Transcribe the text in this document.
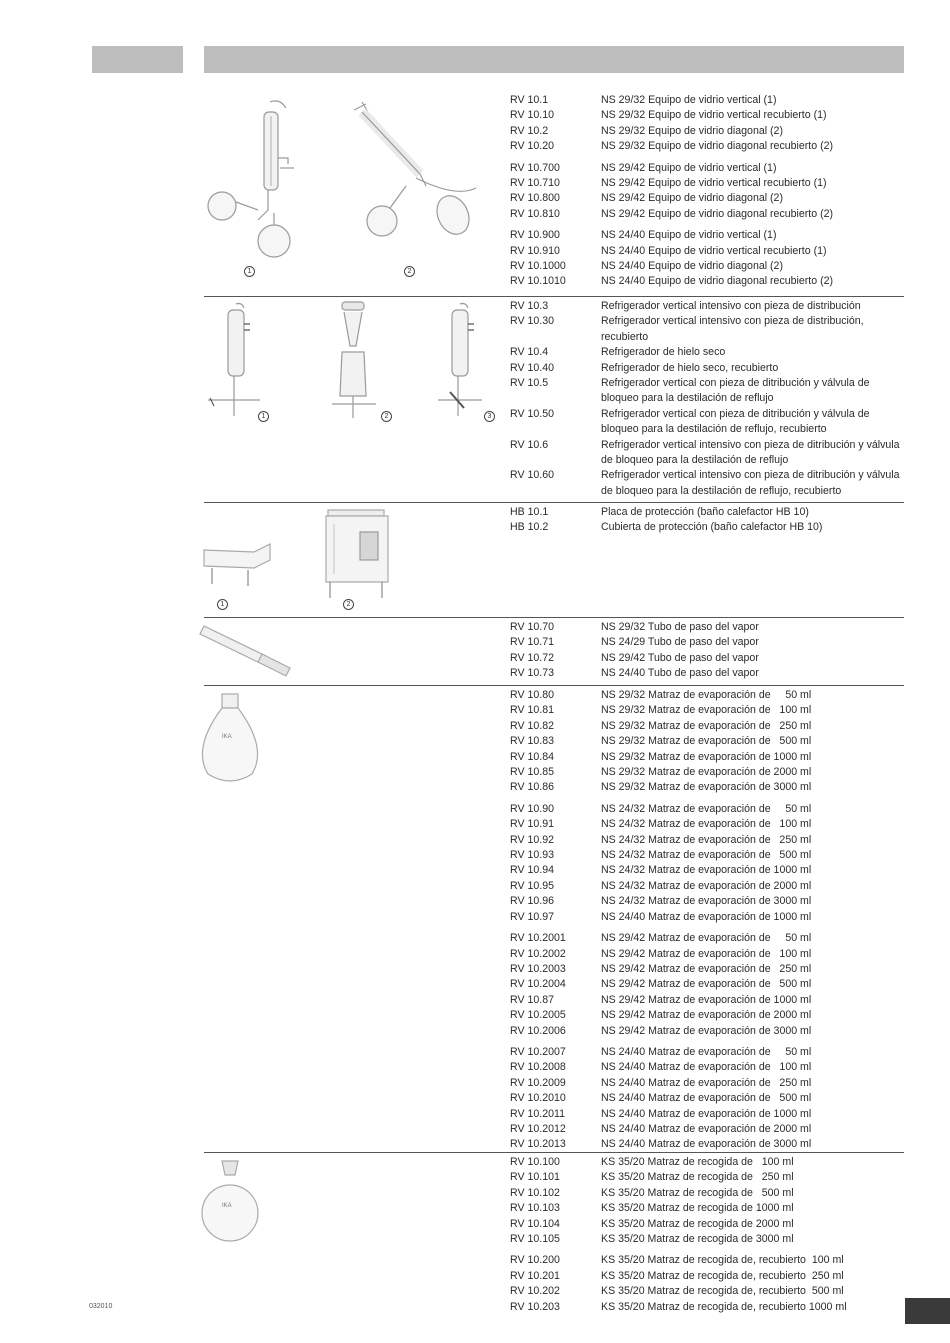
RV 10.1	NS 29/32 Equipo de vidrio vertical (1)
RV 10.10	NS 29/32 Equipo de vidrio vertical recubierto (1)
RV 10.2	NS 29/32 Equipo de vidrio diagonal (2)
RV 10.20	NS 29/32 Equipo de vidrio diagonal recubierto (2)
RV 10.700	NS 29/42 Equipo de vidrio vertical (1)
RV 10.710	NS 29/42 Equipo de vidrio vertical recubierto (1)
RV 10.800	NS 29/42 Equipo de vidrio diagonal (2)
RV 10.810	NS 29/42 Equipo de vidrio diagonal recubierto (2)
RV 10.900	NS 24/40 Equipo de vidrio vertical (1)
RV 10.910	NS 24/40 Equipo de vidrio vertical recubierto (1)
RV 10.1000	NS 24/40 Equipo de vidrio diagonal (2)
RV 10.1010	NS 24/40 Equipo de vidrio diagonal recubierto (2)
RV 10.3	Refrigerador vertical intensivo con pieza de distribución
RV 10.30	Refrigerador vertical intensivo con pieza de distribución, recubierto
RV 10.4	Refrigerador de hielo seco
RV 10.40	Refrigerador de hielo seco, recubierto
RV 10.5	Refrigerador vertical con pieza de ditribución y válvula de bloqueo para la destilación de reflujo
RV 10.50	Refrigerador vertical con pieza de ditribución y válvula de bloqueo para la destilación de reflujo, recubierto
RV 10.6	Refrigerador vertical intensivo con pieza de ditribución y válvula de bloqueo para la destilación de reflujo
RV 10.60	Refrigerador vertical intensivo con pieza de ditribución y válvula de bloqueo para la destilación de reflujo, recubierto
HB 10.1	Placa de protección (baño calefactor HB 10)
HB 10.2	Cubierta de protección (baño calefactor HB 10)
RV 10.70	NS 29/32 Tubo de paso del vapor
RV 10.71	NS 24/29 Tubo de paso del vapor
RV 10.72	NS 29/42 Tubo de paso del vapor
RV 10.73	NS 24/40 Tubo de paso del vapor
RV 10.80	NS 29/32 Matraz de evaporación de     50 ml
RV 10.81	NS 29/32 Matraz de evaporación de   100 ml
RV 10.82	NS 29/32 Matraz de evaporación de   250 ml
RV 10.83	NS 29/32 Matraz de evaporación de   500 ml
RV 10.84	NS 29/32 Matraz de evaporación de 1000 ml
RV 10.85	NS 29/32 Matraz de evaporación de 2000 ml
RV 10.86	NS 29/32 Matraz de evaporación de 3000 ml
RV 10.90	NS 24/32 Matraz de evaporación de     50 ml
RV 10.91	NS 24/32 Matraz de evaporación de   100 ml
RV 10.92	NS 24/32 Matraz de evaporación de   250 ml
RV 10.93	NS 24/32 Matraz de evaporación de   500 ml
RV 10.94	NS 24/32 Matraz de evaporación de 1000 ml
RV 10.95	NS 24/32 Matraz de evaporación de 2000 ml
RV 10.96	NS 24/32 Matraz de evaporación de 3000 ml
RV 10.97	NS 24/40 Matraz de evaporación de 1000 ml
RV 10.2001	NS 29/42 Matraz de evaporación de     50 ml
RV 10.2002	NS 29/42 Matraz de evaporación de   100 ml
RV 10.2003	NS 29/42 Matraz de evaporación de   250 ml
RV 10.2004	NS 29/42 Matraz de evaporación de   500 ml
RV 10.87	NS 29/42 Matraz de evaporación de 1000 ml
RV 10.2005	NS 29/42 Matraz de evaporación de 2000 ml
RV 10.2006	NS 29/42 Matraz de evaporación de 3000 ml
RV 10.2007	NS 24/40 Matraz de evaporación de     50 ml
RV 10.2008	NS 24/40 Matraz de evaporación de   100 ml
RV 10.2009	NS 24/40 Matraz de evaporación de   250 ml
RV 10.2010	NS 24/40 Matraz de evaporación de   500 ml
RV 10.2011	NS 24/40 Matraz de evaporación de 1000 ml
RV 10.2012	NS 24/40 Matraz de evaporación de 2000 ml
RV 10.2013	NS 24/40 Matraz de evaporación de 3000 ml
RV 10.100	KS 35/20 Matraz de recogida de   100 ml
RV 10.101	KS 35/20 Matraz de recogida de   250 ml
RV 10.102	KS 35/20 Matraz de recogida de   500 ml
RV 10.103	KS 35/20 Matraz de recogida de 1000 ml
RV 10.104	KS 35/20 Matraz de recogida de 2000 ml
RV 10.105	KS 35/20 Matraz de recogida de 3000 ml
RV 10.200	KS 35/20 Matraz de recogida de, recubierto  100 ml
RV 10.201	KS 35/20 Matraz de recogida de, recubierto  250 ml
RV 10.202	KS 35/20 Matraz de recogida de, recubierto  500 ml
RV 10.203	KS 35/20 Matraz de recogida de, recubierto 1000 ml
1	2
1	2	3
1	2
IKA
IKA
032010
